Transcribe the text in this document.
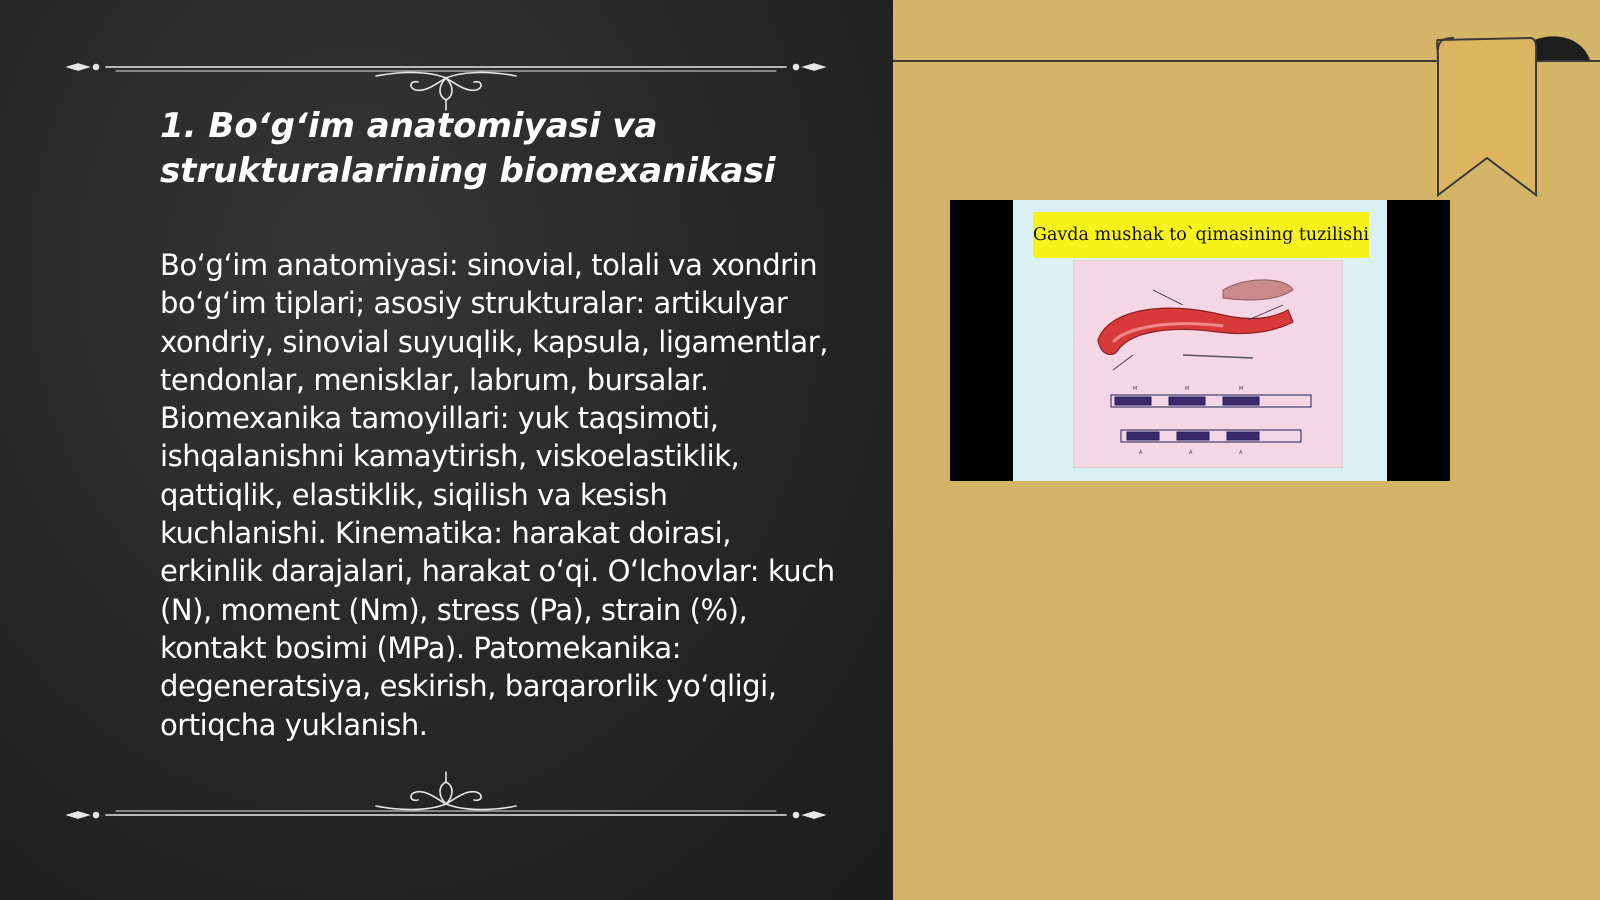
1. Bo‘g‘im anatomiyasi va strukturalarining biomexanikasi

Bo‘g‘im anatomiyasi: sinovial, tolali va xondrin bo‘g‘im tiplari; asosiy strukturalar: artikulyar xondriy, sinovial suyuqlik, kapsula, ligamentlar, tendonlar, menisklar, labrum, bursalar. Biomexanika tamoyillari: yuk taqsimoti, ishqalanishni kamaytirish, viskoelastiklik, qattiqlik, elastiklik, siqilish va kesish kuchlanishi. Kinematika: harakat doirasi, erkinlik darajalari, harakat o‘qi. O‘lchovlar: kuch (N), moment (Nm), stress (Pa), strain (%), kontakt bosimi (MPa). Patomekanika: degeneratsiya, eskirish, barqarorlik yo‘qligi, ortiqcha yuklanish.

Gavda mushak to`qimasining tuzilishi
M	M	M
A	A	A
